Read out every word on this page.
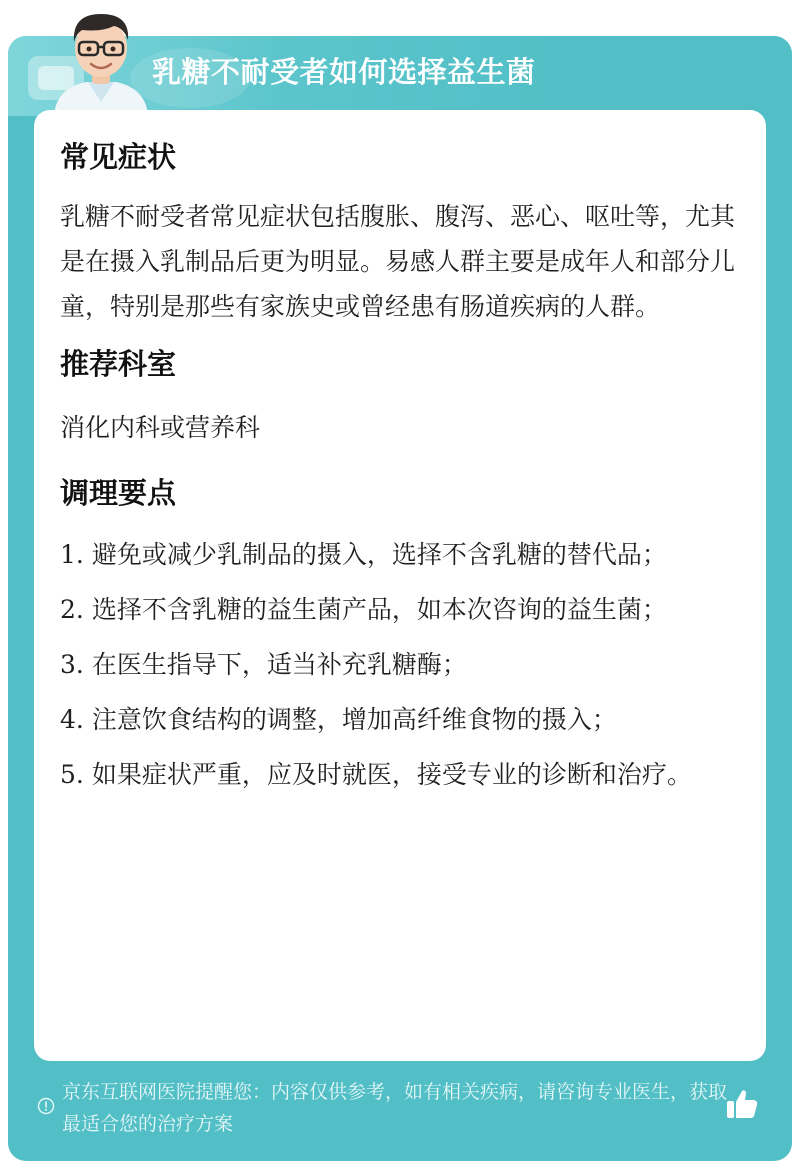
乳糖不耐受者如何选择益生菌
常见症状

乳糖不耐受者常见症状包括腹胀、腹泻、恶心、呕吐等，尤其是在摄入乳制品后更为明显。易感人群主要是成年人和部分儿童，特别是那些有家族史或曾经患有肠道疾病的人群。

推荐科室

消化内科或营养科

调理要点

1. 避免或减少乳制品的摄入，选择不含乳糖的替代品；

2. 选择不含乳糖的益生菌产品，如本次咨询的益生菌；

3. 在医生指导下，适当补充乳糖酶；

4. 注意饮食结构的调整，增加高纤维食物的摄入；

5. 如果症状严重，应及时就医，接受专业的诊断和治疗。

京东互联网医院提醒您：内容仅供参考，如有相关疾病，请咨询专业医生，获取最适合您的治疗方案
